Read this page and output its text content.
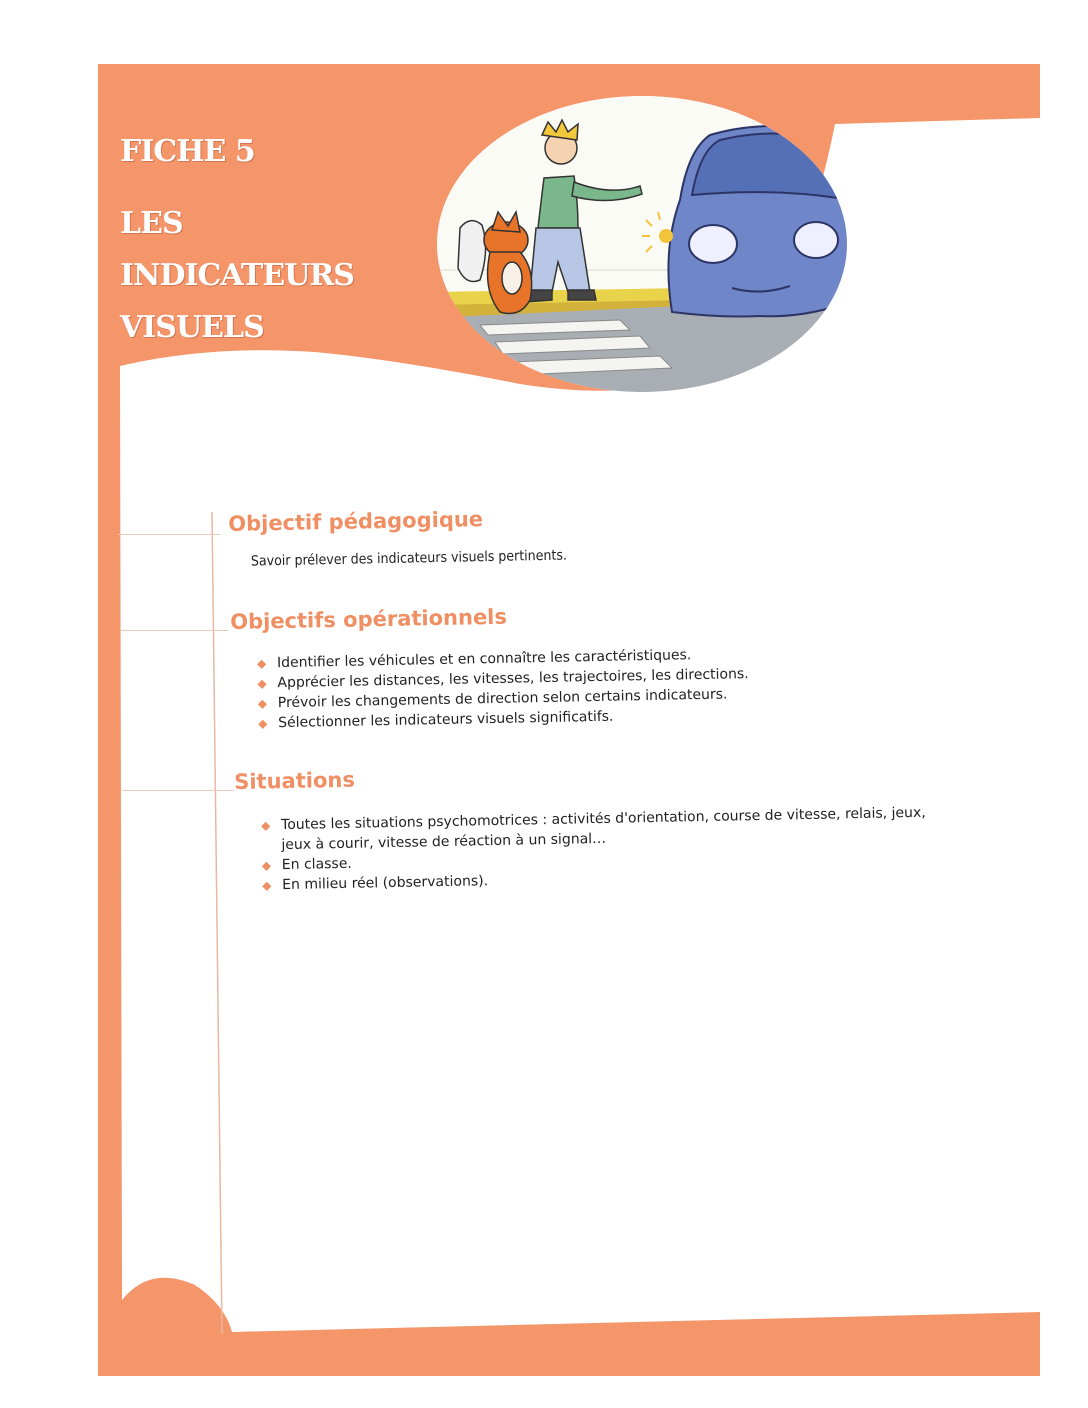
FICHE 5
LES INDICATEURS VISUELS
Objectif pédagogique

Savoir prélever des indicateurs visuels pertinents.

Objectifs opérationnels
◆ Identifier les véhicules et en connaître les caractéristiques.
◆ Apprécier les distances, les vitesses, les trajectoires, les directions.
◆ Prévoir les changements de direction selon certains indicateurs.
◆ Sélectionner les indicateurs visuels significatifs.
Situations
◆ Toutes les situations psychomotrices : activités d'orientation, course de vitesse, relais, jeux, jeux à courir, vitesse de réaction à un signal…
◆ En classe.
◆ En milieu réel (observations).
